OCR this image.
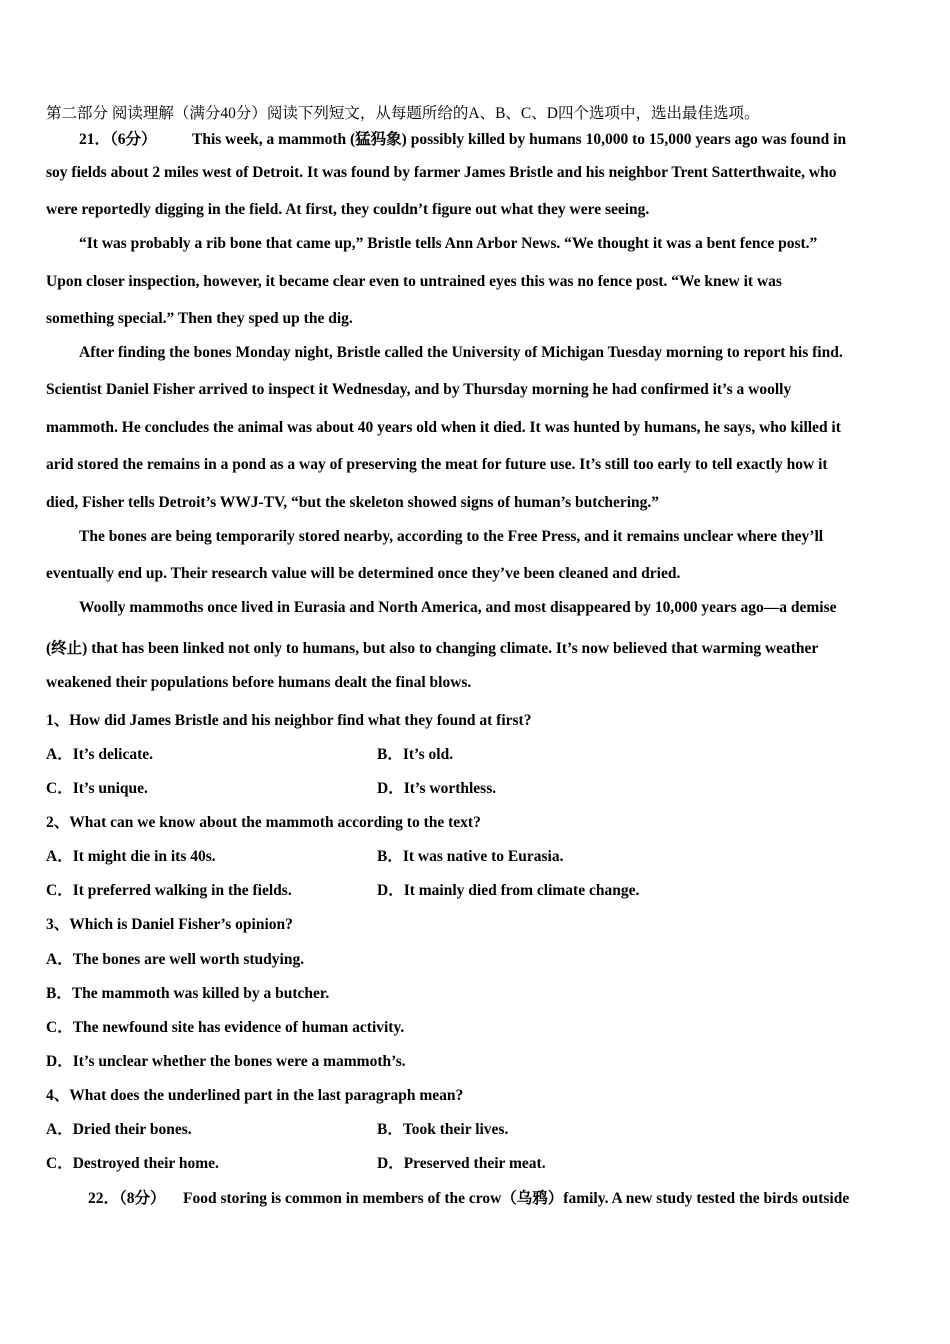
第二部分 阅读理解（满分40分）阅读下列短文，从每题所给的A、B、C、D四个选项中，选出最佳选项。
21．（6分） This week, a mammoth (猛犸象) possibly killed by humans 10,000 to 15,000 years ago was found in
soy fields about 2 miles west of Detroit. It was found by farmer James Bristle and his neighbor Trent Satterthwaite, who
were reportedly digging in the field. At first, they couldn’t figure out what they were seeing.
“It was probably a rib bone that came up,” Bristle tells Ann Arbor News. “We thought it was a bent fence post.”
Upon closer inspection, however, it became clear even to untrained eyes this was no fence post. “We knew it was
something special.” Then they sped up the dig.
After finding the bones Monday night, Bristle called the University of Michigan Tuesday morning to report his find.
Scientist Daniel Fisher arrived to inspect it Wednesday, and by Thursday morning he had confirmed it’s a woolly
mammoth. He concludes the animal was about 40 years old when it died. It was hunted by humans, he says, who killed it
arid stored the remains in a pond as a way of preserving the meat for future use. It’s still too early to tell exactly how it
died, Fisher tells Detroit’s WWJ-TV, “but the skeleton showed signs of human’s butchering.”
The bones are being temporarily stored nearby, according to the Free Press, and it remains unclear where they’ll
eventually end up. Their research value will be determined once they’ve been cleaned and dried.
Woolly mammoths once lived in Eurasia and North America, and most disappeared by 10,000 years ago—a demise
(终止) that has been linked not only to humans, but also to changing climate. It’s now believed that warming weather
weakened their populations before humans dealt the final blows.
1、How did James Bristle and his neighbor find what they found at first?
A．It’s delicate.	B．It’s old.
C．It’s unique.	D．It’s worthless.
2、What can we know about the mammoth according to the text?
A．It might die in its 40s.	B．It was native to Eurasia.
C．It preferred walking in the fields.	D．It mainly died from climate change.
3、Which is Daniel Fisher’s opinion?
A．The bones are well worth studying.
B．The mammoth was killed by a butcher.
C．The newfound site has evidence of human activity.
D．It’s unclear whether the bones were a mammoth’s.
4、What does the underlined part in the last paragraph mean?
A．Dried their bones.	B．Took their lives.
C．Destroyed their home.	D．Preserved their meat.
22．（8分） Food storing is common in members of the crow（乌鸦）family. A new study tested the birds outside
